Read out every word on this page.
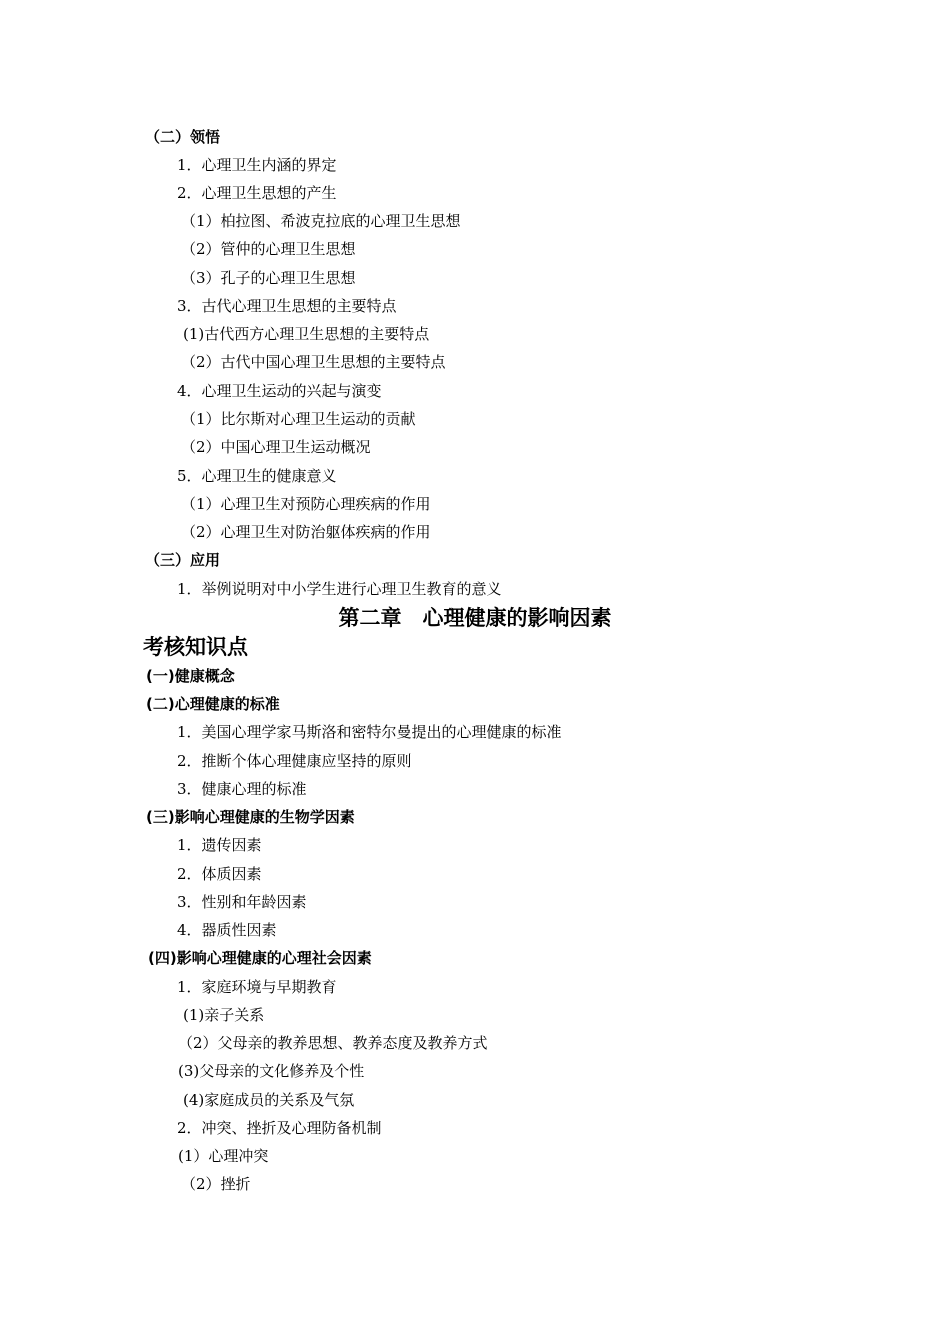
（二）领悟
1．心理卫生内涵的界定
2．心理卫生思想的产生
（1）柏拉图、希波克拉底的心理卫生思想
（2）管仲的心理卫生思想
（3）孔子的心理卫生思想
3．古代心理卫生思想的主要特点
(1)古代西方心理卫生思想的主要特点
（2）古代中国心理卫生思想的主要特点
4．心理卫生运动的兴起与演变
（1）比尔斯对心理卫生运动的贡献
（2）中国心理卫生运动概况
5．心理卫生的健康意义
（1）心理卫生对预防心理疾病的作用
（2）心理卫生对防治躯体疾病的作用
（三）应用
1．举例说明对中小学生进行心理卫生教育的意义
第二章　心理健康的影响因素
考核知识点
(一)健康概念
(二)心理健康的标准
1．美国心理学家马斯洛和密特尔曼提出的心理健康的标准
2．推断个体心理健康应坚持的原则
3．健康心理的标准
(三)影响心理健康的生物学因素
1．遗传因素
2．体质因素
3．性别和年龄因素
4．器质性因素
(四)影响心理健康的心理社会因素
1．家庭环境与早期教育
(1)亲子关系
（2）父母亲的教养思想、教养态度及教养方式
(3)父母亲的文化修养及个性
(4)家庭成员的关系及气氛
2．冲突、挫折及心理防备机制
(1）心理冲突
（2）挫折
